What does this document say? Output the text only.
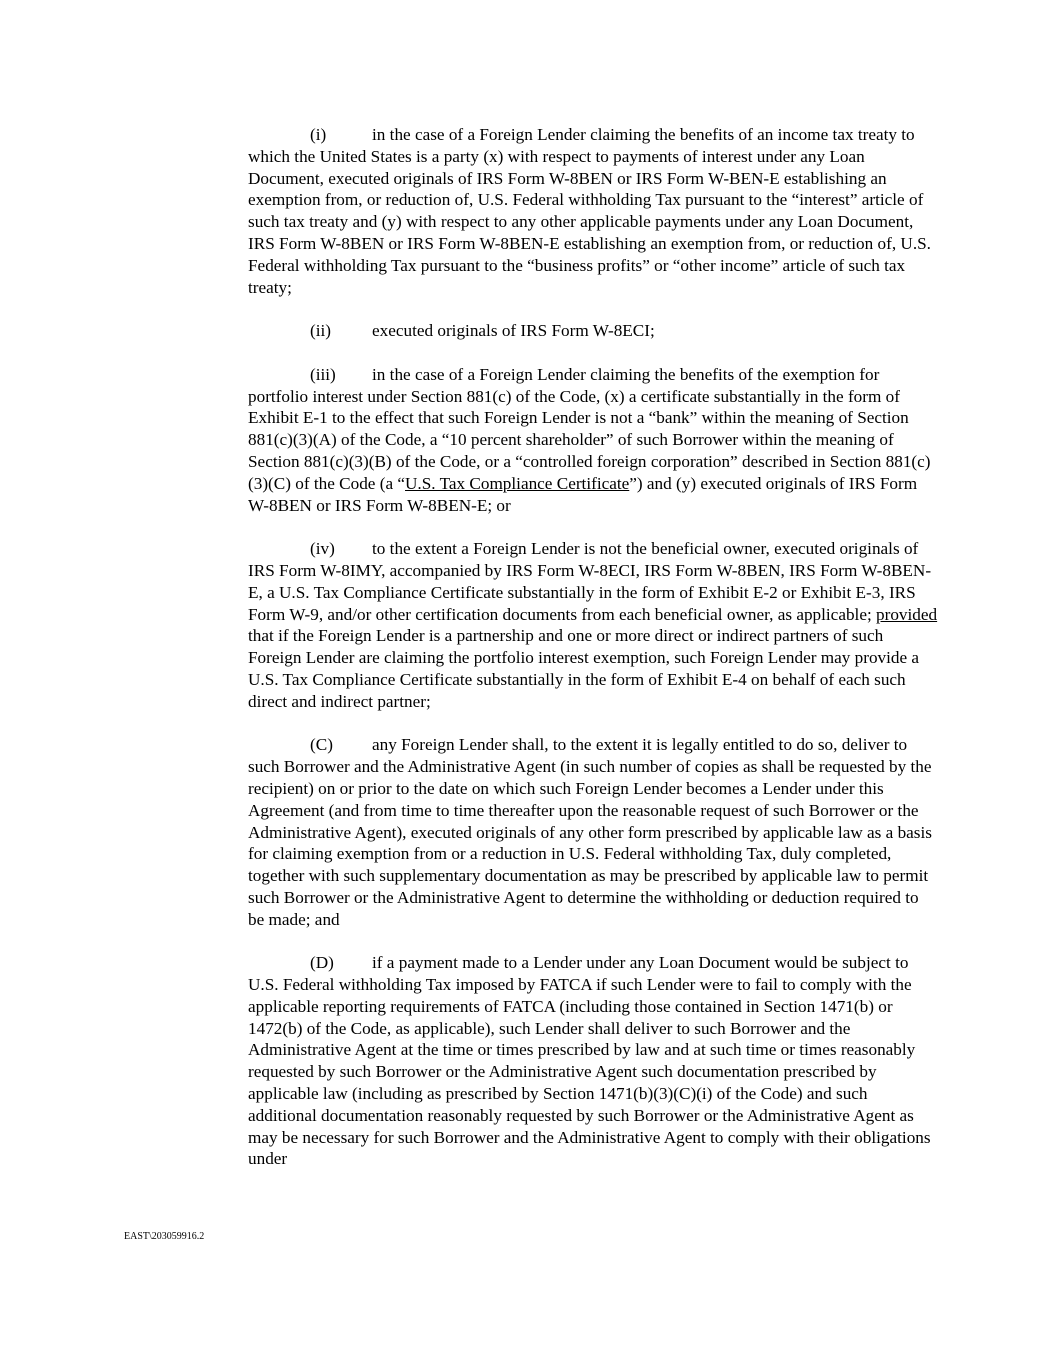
(i)	in the case of a Foreign Lender claiming the benefits of an income tax treaty to which the United States is a party (x) with respect to payments of interest under any Loan Document, executed originals of IRS Form W-8BEN or IRS Form W-BEN-E establishing an exemption from, or reduction of, U.S. Federal withholding Tax pursuant to the “interest” article of such tax treaty and (y) with respect to any other applicable payments under any Loan Document, IRS Form W-8BEN or IRS Form W-8BEN-E establishing an exemption from, or reduction of, U.S. Federal withholding Tax pursuant to the “business profits” or “other income” article of such tax treaty;

(ii) executed originals of IRS Form W-8ECI;

(iii) in the case of a Foreign Lender claiming the benefits of the exemption for portfolio interest under Section 881(c) of the Code, (x) a certificate substantially in the form of Exhibit E-1 to the effect that such Foreign Lender is not a “bank” within the meaning of Section 881(c)(3)(A) of the Code, a “10 percent shareholder” of such Borrower within the meaning of Section 881(c)(3)(B) of the Code, or a “controlled foreign corporation” described in Section 881(c)(3)(C) of the Code (a “U.S. Tax Compliance Certificate”) and (y) executed originals of IRS Form W-8BEN or IRS Form W-8BEN-E; or

(iv) to the extent a Foreign Lender is not the beneficial owner, executed originals of IRS Form W-8IMY, accompanied by IRS Form W-8ECI, IRS Form W-8BEN, IRS Form W-8BEN-E, a U.S. Tax Compliance Certificate substantially in the form of Exhibit E-2 or Exhibit E-3, IRS Form W-9, and/or other certification documents from each beneficial owner, as applicable; provided that if the Foreign Lender is a partnership and one or more direct or indirect partners of such Foreign Lender are claiming the portfolio interest exemption, such Foreign Lender may provide a U.S. Tax Compliance Certificate substantially in the form of Exhibit E-4 on behalf of each such direct and indirect partner;

(C) any Foreign Lender shall, to the extent it is legally entitled to do so, deliver to such Borrower and the Administrative Agent (in such number of copies as shall be requested by the recipient) on or prior to the date on which such Foreign Lender becomes a Lender under this Agreement (and from time to time thereafter upon the reasonable request of such Borrower or the Administrative Agent), executed originals of any other form prescribed by applicable law as a basis for claiming exemption from or a reduction in U.S. Federal withholding Tax, duly completed, together with such supplementary documentation as may be prescribed by applicable law to permit such Borrower or the Administrative Agent to determine the withholding or deduction required to be made; and

(D) if a payment made to a Lender under any Loan Document would be subject to U.S. Federal withholding Tax imposed by FATCA if such Lender were to fail to comply with the applicable reporting requirements of FATCA (including those contained in Section 1471(b) or 1472(b) of the Code, as applicable), such Lender shall deliver to such Borrower and the Administrative Agent at the time or times prescribed by law and at such time or times reasonably requested by such Borrower or the Administrative Agent such documentation prescribed by applicable law (including as prescribed by Section 1471(b)(3)(C)(i) of the Code) and such additional documentation reasonably requested by such Borrower or the Administrative Agent as may be necessary for such Borrower and the Administrative Agent to comply with their obligations under

EAST\203059916.2
